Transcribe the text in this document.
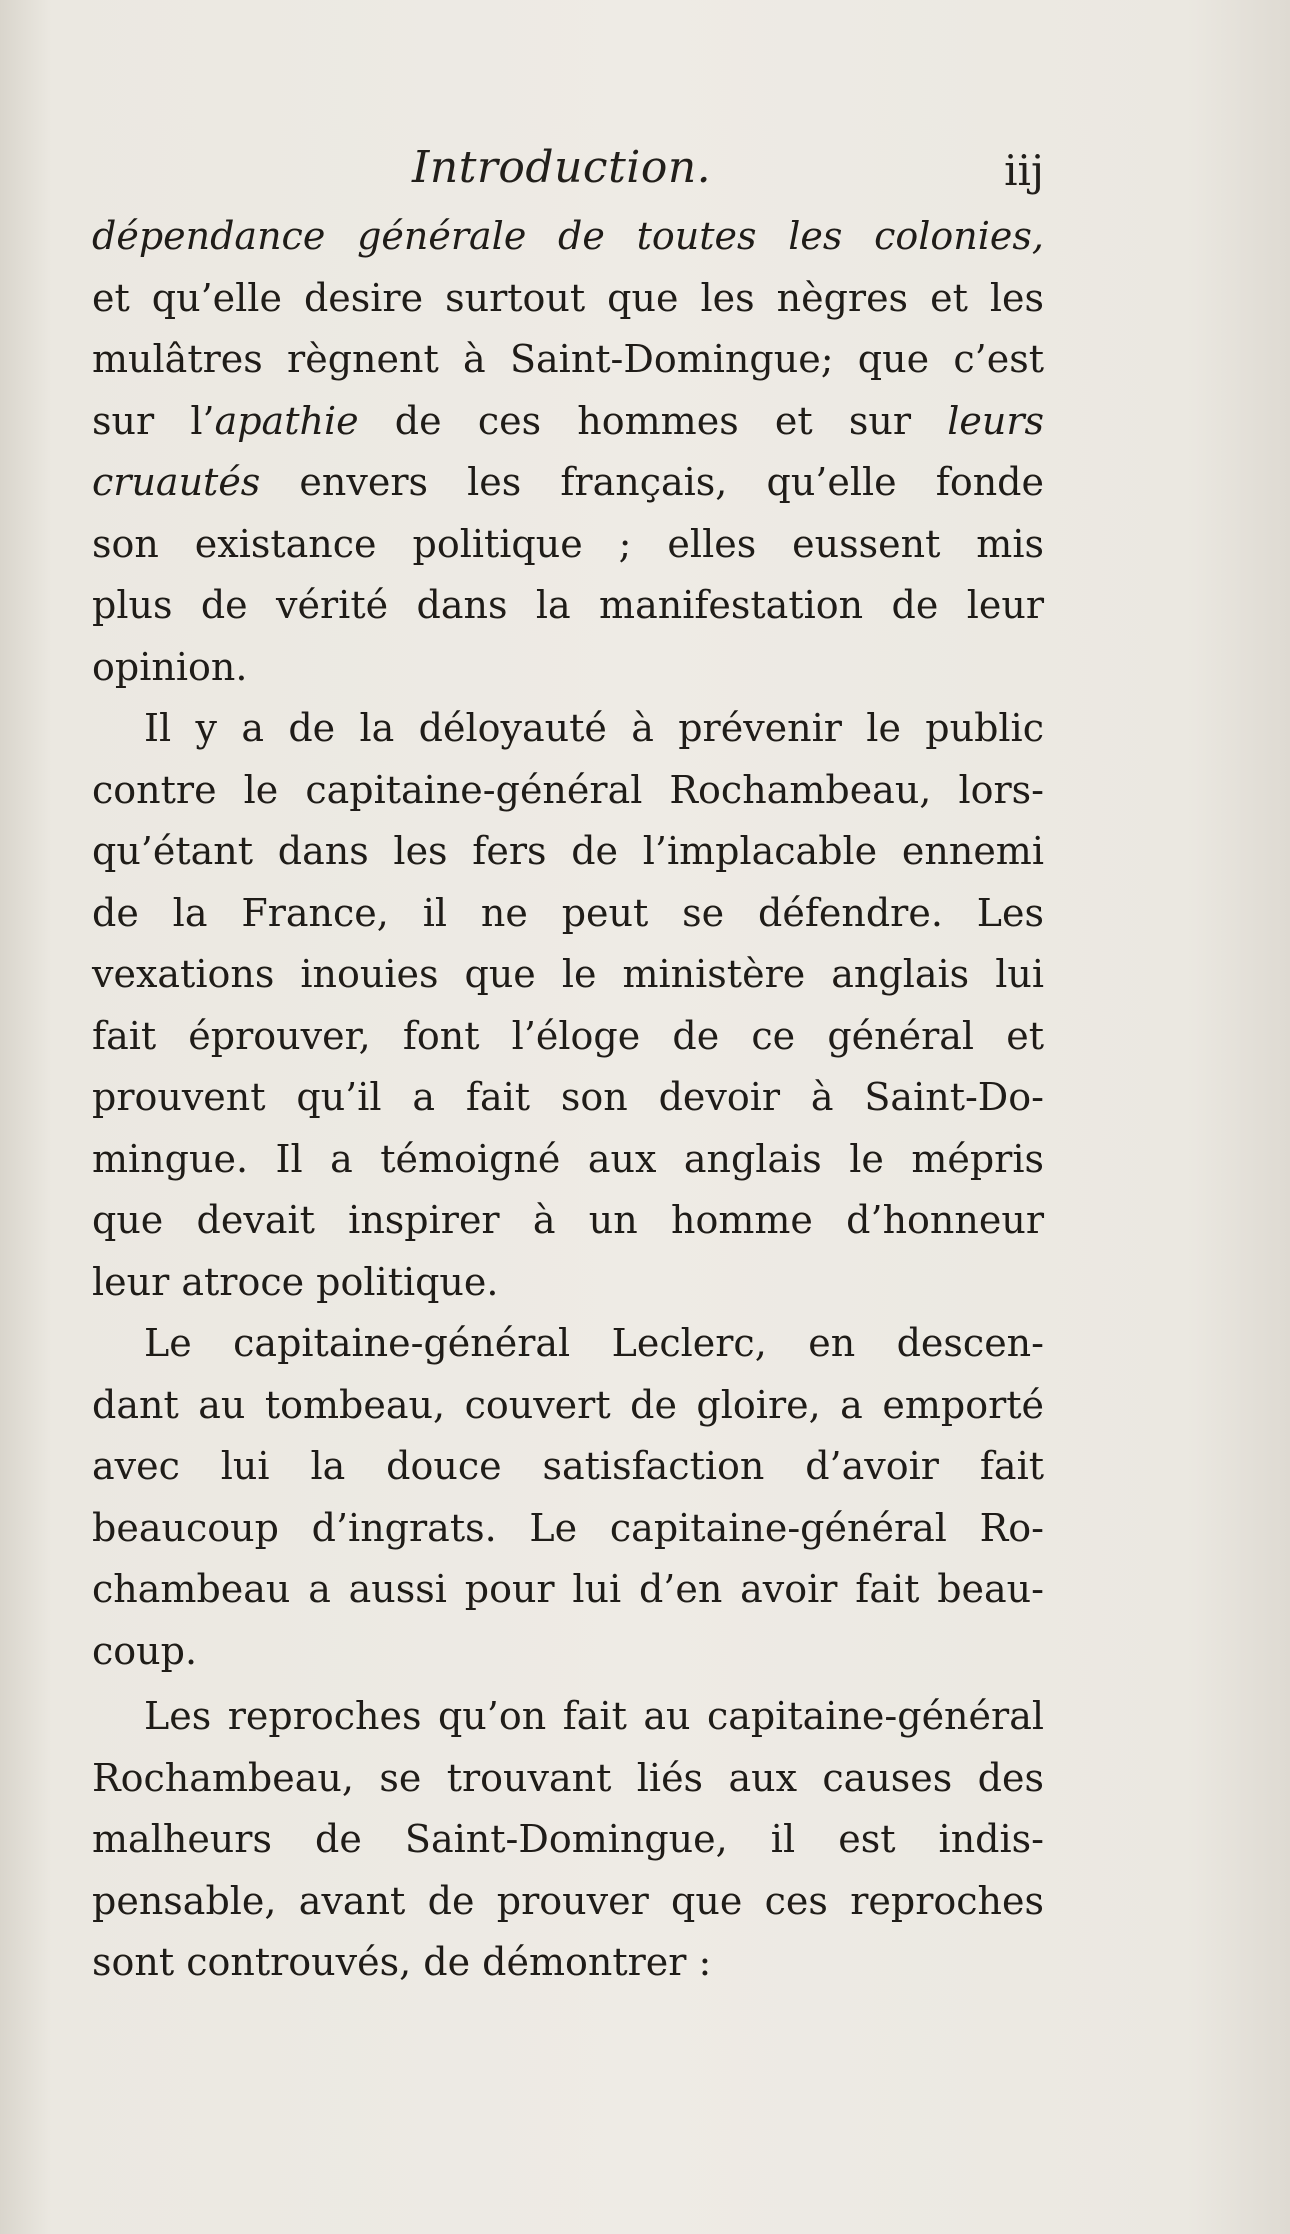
Introduction.	iij
dépendance générale de toutes les colonies,
et qu’elle desire surtout que les nègres et les
mulâtres règnent à Saint-Domingue; que c’est
sur l’apathie de ces hommes et sur leurs
cruautés envers les français, qu’elle fonde
son existance politique ; elles eussent mis
plus de vérité dans la manifestation de leur
opinion.
Il y a de la déloyauté à prévenir le public
contre le capitaine-général Rochambeau, lors-
qu’étant dans les fers de l’implacable ennemi
de la France, il ne peut se défendre. Les
vexations inouies que le ministère anglais lui
fait éprouver, font l’éloge de ce général et
prouvent qu’il a fait son devoir à Saint-Do-
mingue. Il a témoigné aux anglais le mépris
que devait inspirer à un homme d’honneur
leur atroce politique.
Le capitaine-général Leclerc, en descen-
dant au tombeau, couvert de gloire, a emporté
avec lui la douce satisfaction d’avoir fait
beaucoup d’ingrats. Le capitaine-général Ro-
chambeau a aussi pour lui d’en avoir fait beau-
coup.
Les reproches qu’on fait au capitaine-général
Rochambeau, se trouvant liés aux causes des
malheurs de Saint-Domingue, il est indis-
pensable, avant de prouver que ces reproches
sont controuvés, de démontrer :
